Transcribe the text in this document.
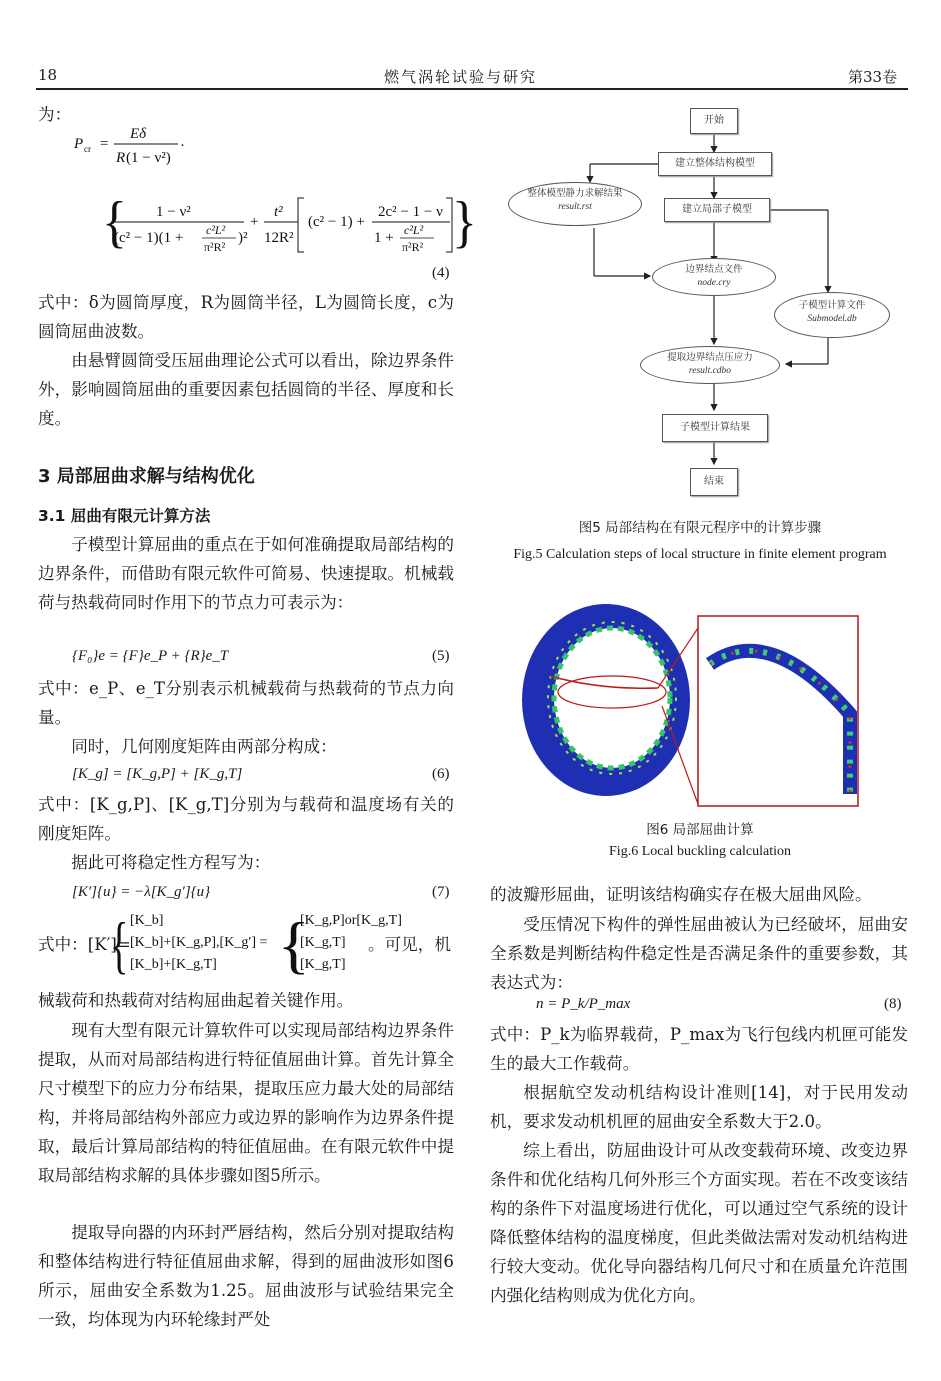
18	燃气涡轮试验与研究	第33卷
为：
P cr =
Eδ
R (1 − ν²)
·
{	}
1 − ν²
(c² − 1)(1 + c²L²
π²R²
)²
+
t²
12R²
(c² − 1) +
2c² − 1 − ν
1 + c²L²
π²R²
(4)
式中：δ为圆筒厚度，R为圆筒半径，L为圆筒长度，c为圆筒屈曲波数。
由悬臂圆筒受压屈曲理论公式可以看出，除边界条件外，影响圆筒屈曲的重要因素包括圆筒的半径、厚度和长度。
3 局部屈曲求解与结构优化
3.1 屈曲有限元计算方法
子模型计算屈曲的重点在于如何准确提取局部结构的边界条件，而借助有限元软件可简易、快速提取。机械载荷与热载荷同时作用下的节点力可表示为：
{F₀}e = {F}e_P + {R}e_T	(5)
式中：e_P、e_T分别表示机械载荷与热载荷的节点力向量。
同时，几何刚度矩阵由两部分构成：
[K_g] = [K_g,P] + [K_g,T]	(6)
式中：[K_g,P]、[K_g,T]分别为与载荷和温度场有关的刚度矩阵。
据此可将稳定性方程写为：
[K′]{u} = −λ[K_g′]{u}	(7)
式中：[K′]=
{ [K_b]
[K_b]+[K_g,P],[K_g′] =
[K_b]+[K_g,T] {
[K_g,P]or[K_g,T]
[K_g,T]
[K_g,T]
。可见，机
械载荷和热载荷对结构屈曲起着关键作用。
现有大型有限元计算软件可以实现局部结构边界条件提取，从而对局部结构进行特征值屈曲计算。首先计算全尺寸模型下的应力分布结果，提取压应力最大处的局部结构，并将局部结构外部应力或边界的影响作为边界条件提取，最后计算局部结构的特征值屈曲。在有限元软件中提取局部结构求解的具体步骤如图5所示。
提取导向器的内环封严唇结构，然后分别对提取结构和整体结构进行特征值屈曲求解，得到的屈曲波形如图6所示，屈曲安全系数为1.25。屈曲波形与试验结果完全一致，均体现为内环轮缘封严处
开始
建立整体结构模型
整体模型静力求解结果
result.rst	建立局部子模型
边界结点文件
node.cry
子模型计算文件
Submodel.db
提取边界结点压应力
result.cdbo
子模型计算结果
结束
图5 局部结构在有限元程序中的计算步骤
Fig.5 Calculation steps of local structure in finite element program
图6 局部屈曲计算
Fig.6 Local buckling calculation
的波瓣形屈曲，证明该结构确实存在极大屈曲风险。
受压情况下构件的弹性屈曲被认为已经破坏，屈曲安全系数是判断结构件稳定性是否满足条件的重要参数，其表达式为：
n = P_k/P_max	(8)
式中：P_k为临界载荷，P_max为飞行包线内机匣可能发生的最大工作载荷。
根据航空发动机结构设计准则[14]，对于民用发动机，要求发动机机匣的屈曲安全系数大于2.0。
综上看出，防屈曲设计可从改变载荷环境、改变边界条件和优化结构几何外形三个方面实现。若在不改变该结构的条件下对温度场进行优化，可以通过空气系统的设计降低整体结构的温度梯度，但此类做法需对发动机结构进行较大变动。优化导向器结构几何尺寸和在质量允许范围内强化结构则成为优化方向。
